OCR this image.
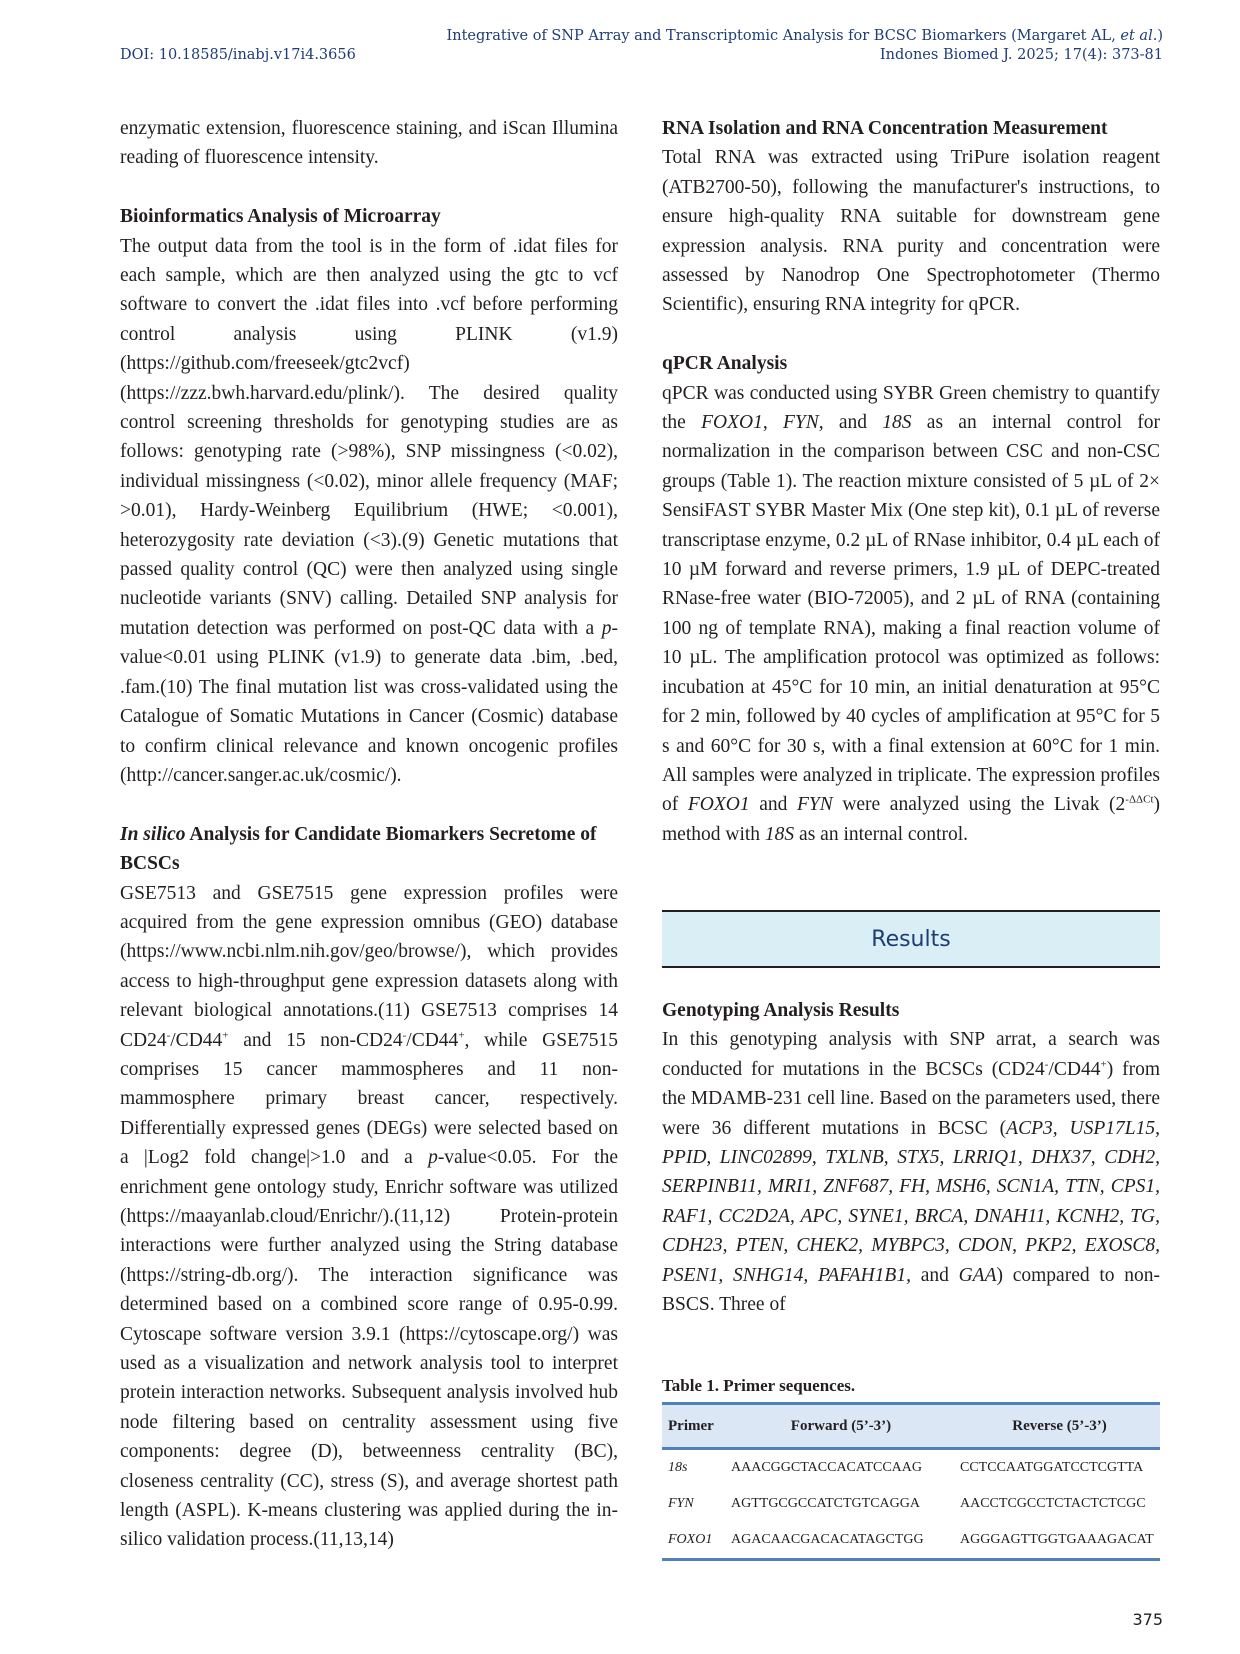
DOI: 10.18585/inabj.v17i4.3656
Integrative of SNP Array and Transcriptomic Analysis for BCSC Biomarkers (Margaret AL, et al.)
Indones Biomed J. 2025; 17(4): 373-81

enzymatic extension, fluorescence staining, and iScan Illumina reading of fluorescence intensity.

Bioinformatics Analysis of Microarray

The output data from the tool is in the form of .idat files for each sample, which are then analyzed using the gtc to vcf software to convert the .idat files into .vcf before performing control analysis using PLINK (v1.9) (https://github.com/freeseek/gtc2vcf) (https://zzz.bwh.harvard.edu/plink/). The desired quality control screening thresholds for genotyping studies are as follows: genotyping rate (>98%), SNP missingness (<0.02), individual missingness (<0.02), minor allele frequency (MAF; >0.01), Hardy-Weinberg Equilibrium (HWE; <0.001), heterozygosity rate deviation (<3).(9) Genetic mutations that passed quality control (QC) were then analyzed using single nucleotide variants (SNV) calling. Detailed SNP analysis for mutation detection was performed on post-QC data with a p-value<0.01 using PLINK (v1.9) to generate data .bim, .bed, .fam.(10) The final mutation list was cross-validated using the Catalogue of Somatic Mutations in Cancer (Cosmic) database to confirm clinical relevance and known oncogenic profiles (http://cancer.sanger.ac.uk/cosmic/).

In silico Analysis for Candidate Biomarkers Secretome of BCSCs

GSE7513 and GSE7515 gene expression profiles were acquired from the gene expression omnibus (GEO) database (https://www.ncbi.nlm.nih.gov/geo/browse/), which provides access to high-throughput gene expression datasets along with relevant biological annotations.(11) GSE7513 comprises 14 CD24-/CD44+ and 15 non-CD24-/CD44+, while GSE7515 comprises 15 cancer mammospheres and 11 non-mammosphere primary breast cancer, respectively. Differentially expressed genes (DEGs) were selected based on a |Log2 fold change|>1.0 and a p-value<0.05. For the enrichment gene ontology study, Enrichr software was utilized (https://maayanlab.cloud/Enrichr/).(11,12) Protein-protein interactions were further analyzed using the String database (https://string-db.org/). The interaction significance was determined based on a combined score range of 0.95-0.99. Cytoscape software version 3.9.1 (https://cytoscape.org/) was used as a visualization and network analysis tool to interpret protein interaction networks. Subsequent analysis involved hub node filtering based on centrality assessment using five components: degree (D), betweenness centrality (BC), closeness centrality (CC), stress (S), and average shortest path length (ASPL). K-means clustering was applied during the in-silico validation process.(11,13,14)

RNA Isolation and RNA Concentration Measurement

Total RNA was extracted using TriPure isolation reagent (ATB2700-50), following the manufacturer's instructions, to ensure high-quality RNA suitable for downstream gene expression analysis. RNA purity and concentration were assessed by Nanodrop One Spectrophotometer (Thermo Scientific), ensuring RNA integrity for qPCR.

qPCR Analysis

qPCR was conducted using SYBR Green chemistry to quantify the FOXO1, FYN, and 18S as an internal control for normalization in the comparison between CSC and non-CSC groups (Table 1). The reaction mixture consisted of 5 µL of 2× SensiFAST SYBR Master Mix (One step kit), 0.1 µL of reverse transcriptase enzyme, 0.2 µL of RNase inhibitor, 0.4 µL each of 10 µM forward and reverse primers, 1.9 µL of DEPC-treated RNase-free water (BIO-72005), and 2 µL of RNA (containing 100 ng of template RNA), making a final reaction volume of 10 µL. The amplification protocol was optimized as follows: incubation at 45°C for 10 min, an initial denaturation at 95°C for 2 min, followed by 40 cycles of amplification at 95°C for 5 s and 60°C for 30 s, with a final extension at 60°C for 1 min. All samples were analyzed in triplicate. The expression profiles of FOXO1 and FYN were analyzed using the Livak $(2^{-\Delta\Delta Ct})$ method with 18S as an internal control.

Results
Genotyping Analysis Results

In this genotyping analysis with SNP arrat, a search was conducted for mutations in the BCSCs (CD24-/CD44+) from the MDAMB-231 cell line. Based on the parameters used, there were 36 different mutations in BCSC (ACP3, USP17L15, PPID, LINC02899, TXLNB, STX5, LRRIQ1, DHX37, CDH2, SERPINB11, MRI1, ZNF687, FH, MSH6, SCN1A, TTN, CPS1, RAF1, CC2D2A, APC, SYNE1, BRCA, DNAH11, KCNH2, TG, CDH23, PTEN, CHEK2, MYBPC3, CDON, PKP2, EXOSC8, PSEN1, SNHG14, PAFAH1B1, and GAA) compared to non-BSCS. Three of

Table 1. Primer sequences.
Primer	Forward (5’-3’)	Reverse (5’-3’)
18s	AAACGGCTACCACATCCAAG	CCTCCAATGGATCCTCGTTA
FYN	AGTTGCGCCATCTGTCAGGA	AACCTCGCCTCTACTCTCGC
FOXO1	AGACAACGACACATAGCTGG	AGGGAGTTGGTGAAAGACAT
375
